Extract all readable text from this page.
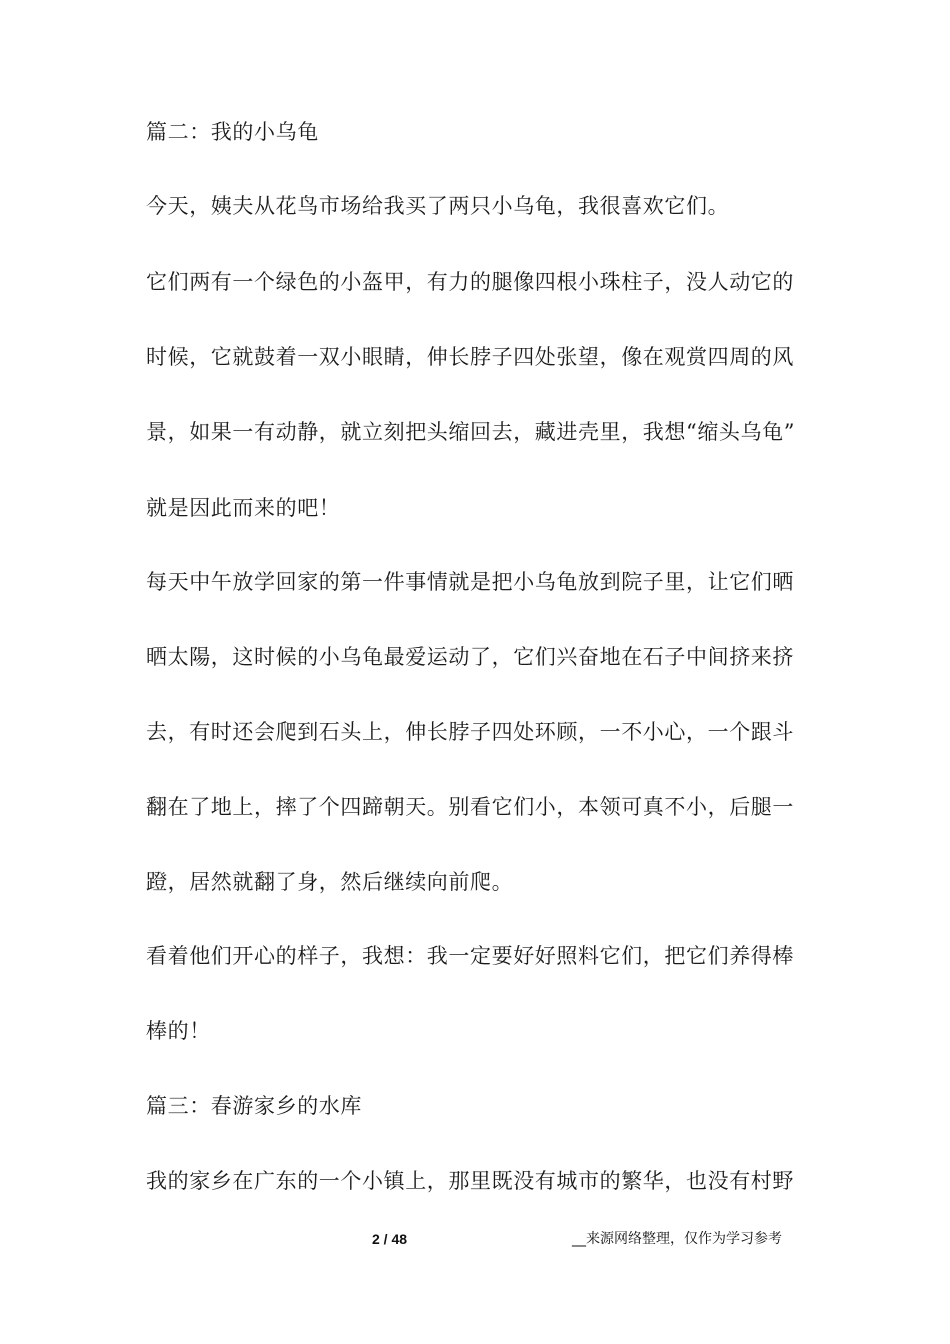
篇二：我的小乌龟
今天，姨夫从花鸟市场给我买了两只小乌龟，我很喜欢它们。
它们两有一个绿色的小盔甲，有力的腿像四根小珠柱子，没人动它的
时候，它就鼓着一双小眼睛，伸长脖子四处张望，像在观赏四周的风
景，如果一有动静，就立刻把头缩回去，藏进壳里，我想“缩头乌龟”
就是因此而来的吧！
每天中午放学回家的第一件事情就是把小乌龟放到院子里，让它们晒
晒太陽，这时候的小乌龟最爱运动了，它们兴奋地在石子中间挤来挤
去，有时还会爬到石头上，伸长脖子四处环顾，一不小心，一个跟斗
翻在了地上，摔了个四蹄朝天。别看它们小，本领可真不小，后腿一
蹬，居然就翻了身，然后继续向前爬。
看着他们开心的样子，我想：我一定要好好照料它们，把它们养得棒
棒的！
篇三：春游家乡的水库
我的家乡在广东的一个小镇上，那里既没有城市的繁华，也没有村野
2 / 48	__来源网络整理，仅作为学习参考
